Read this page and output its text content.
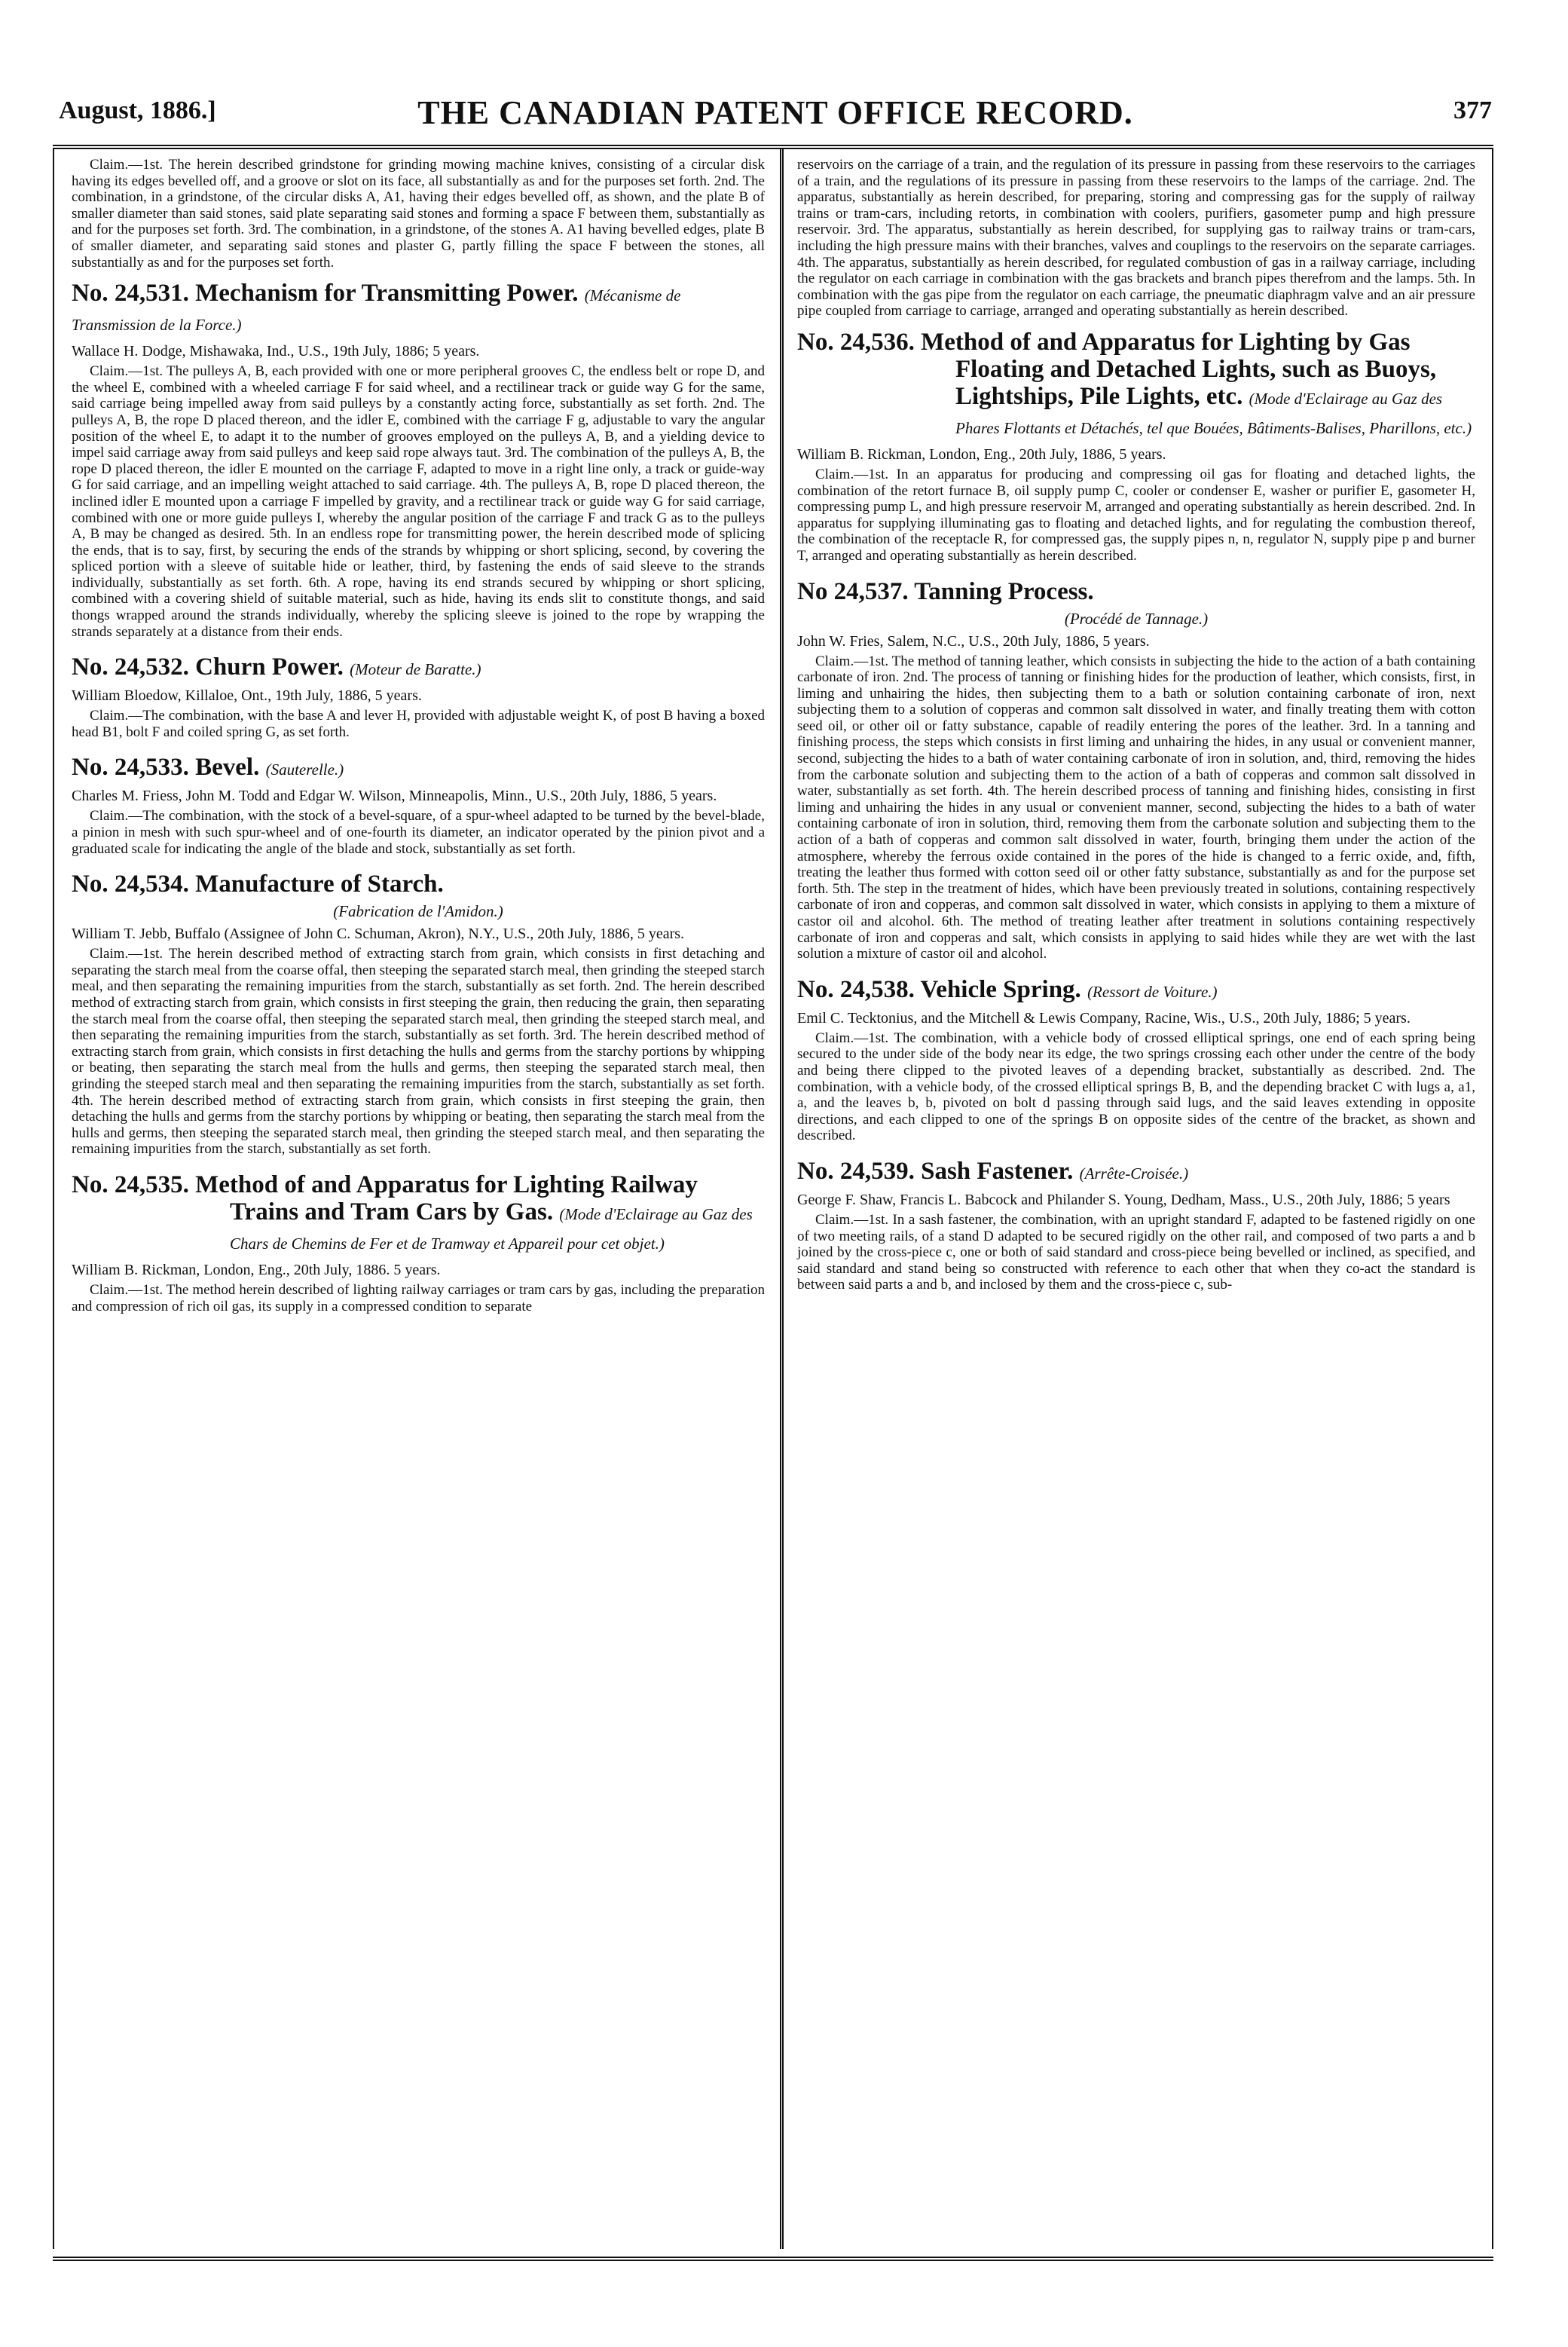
August, 1886.]	THE CANADIAN PATENT OFFICE RECORD.	377

Claim.—1st. The herein described grindstone for grinding mowing machine knives, consisting of a circular disk having its edges bevelled off, and a groove or slot on its face, all substantially as and for the purposes set forth. 2nd. The combination, in a grindstone, of the circular disks A, A1, having their edges bevelled off, as shown, and the plate B of smaller diameter than said stones, said plate separating said stones and forming a space F between them, substantially as and for the purposes set forth. 3rd. The combination, in a grindstone, of the stones A. A1 having bevelled edges, plate B of smaller diameter, and separating said stones and plaster G, partly filling the space F between the stones, all substantially as and for the purposes set forth.

No. 24,531. Mechanism for Transmitting Power. (Mécanisme de Transmission de la Force.)

Wallace H. Dodge, Mishawaka, Ind., U.S., 19th July, 1886; 5 years.

Claim.—1st. The pulleys A, B, each provided with one or more peripheral grooves C, the endless belt or rope D, and the wheel E, combined with a wheeled carriage F for said wheel, and a rectilinear track or guide way G for the same, said carriage being impelled away from said pulleys by a constantly acting force, substantially as set forth. 2nd. The pulleys A, B, the rope D placed thereon, and the idler E, combined with the carriage F g, adjustable to vary the angular position of the wheel E, to adapt it to the number of grooves employed on the pulleys A, B, and a yielding device to impel said carriage away from said pulleys and keep said rope always taut. 3rd. The combination of the pulleys A, B, the rope D placed thereon, the idler E mounted on the carriage F, adapted to move in a right line only, a track or guide-way G for said carriage, and an impelling weight attached to said carriage. 4th. The pulleys A, B, rope D placed thereon, the inclined idler E mounted upon a carriage F impelled by gravity, and a rectilinear track or guide way G for said carriage, combined with one or more guide pulleys I, whereby the angular position of the carriage F and track G as to the pulleys A, B may be changed as desired. 5th. In an endless rope for transmitting power, the herein described mode of splicing the ends, that is to say, first, by securing the ends of the strands by whipping or short splicing, second, by covering the spliced portion with a sleeve of suitable hide or leather, third, by fastening the ends of said sleeve to the strands individually, substantially as set forth. 6th. A rope, having its end strands secured by whipping or short splicing, combined with a covering shield of suitable material, such as hide, having its ends slit to constitute thongs, and said thongs wrapped around the strands individually, whereby the splicing sleeve is joined to the rope by wrapping the strands separately at a distance from their ends.

No. 24,532. Churn Power. (Moteur de Baratte.)

William Bloedow, Killaloe, Ont., 19th July, 1886, 5 years.

Claim.—The combination, with the base A and lever H, provided with adjustable weight K, of post B having a boxed head B1, bolt F and coiled spring G, as set forth.

No. 24,533. Bevel. (Sauterelle.)

Charles M. Friess, John M. Todd and Edgar W. Wilson, Minneapolis, Minn., U.S., 20th July, 1886, 5 years.

Claim.—The combination, with the stock of a bevel-square, of a spur-wheel adapted to be turned by the bevel-blade, a pinion in mesh with such spur-wheel and of one-fourth its diameter, an indicator operated by the pinion pivot and a graduated scale for indicating the angle of the blade and stock, substantially as set forth.

No. 24,534. Manufacture of Starch.

(Fabrication de l'Amidon.)

William T. Jebb, Buffalo (Assignee of John C. Schuman, Akron), N.Y., U.S., 20th July, 1886, 5 years.

Claim.—1st. The herein described method of extracting starch from grain, which consists in first detaching and separating the starch meal from the coarse offal, then steeping the separated starch meal, then grinding the steeped starch meal, and then separating the remaining impurities from the starch, substantially as set forth. 2nd. The herein described method of extracting starch from grain, which consists in first steeping the grain, then reducing the grain, then separating the starch meal from the coarse offal, then steeping the separated starch meal, then grinding the steeped starch meal, and then separating the remaining impurities from the starch, substantially as set forth. 3rd. The herein described method of extracting starch from grain, which consists in first detaching the hulls and germs from the starchy portions by whipping or beating, then separating the starch meal from the hulls and germs, then steeping the separated starch meal, then grinding the steeped starch meal and then separating the remaining impurities from the starch, substantially as set forth. 4th. The herein described method of extracting starch from grain, which consists in first steeping the grain, then detaching the hulls and germs from the starchy portions by whipping or beating, then separating the starch meal from the hulls and germs, then steeping the separated starch meal, then grinding the steeped starch meal, and then separating the remaining impurities from the starch, substantially as set forth.

No. 24,535. Method of and Apparatus for Lighting Railway Trains and Tram Cars by Gas. (Mode d'Eclairage au Gaz des Chars de Chemins de Fer et de Tramway et Appareil pour cet objet.)

William B. Rickman, London, Eng., 20th July, 1886. 5 years.

Claim.—1st. The method herein described of lighting railway carriages or tram cars by gas, including the preparation and compression of rich oil gas, its supply in a compressed condition to separate

reservoirs on the carriage of a train, and the regulation of its pressure in passing from these reservoirs to the carriages of a train, and the regulations of its pressure in passing from these reservoirs to the lamps of the carriage. 2nd. The apparatus, substantially as herein described, for preparing, storing and compressing gas for the supply of railway trains or tram-cars, including retorts, in combination with coolers, purifiers, gasometer pump and high pressure reservoir. 3rd. The apparatus, substantially as herein described, for supplying gas to railway trains or tram-cars, including the high pressure mains with their branches, valves and couplings to the reservoirs on the separate carriages. 4th. The apparatus, substantially as herein described, for regulated combustion of gas in a railway carriage, including the regulator on each carriage in combination with the gas brackets and branch pipes therefrom and the lamps. 5th. In combination with the gas pipe from the regulator on each carriage, the pneumatic diaphragm valve and an air pressure pipe coupled from carriage to carriage, arranged and operating substantially as herein described.

No. 24,536. Method of and Apparatus for Lighting by Gas Floating and Detached Lights, such as Buoys, Lightships, Pile Lights, etc. (Mode d'Eclairage au Gaz des Phares Flottants et Détachés, tel que Bouées, Bâtiments-Balises, Pharillons, etc.)

William B. Rickman, London, Eng., 20th July, 1886, 5 years.

Claim.—1st. In an apparatus for producing and compressing oil gas for floating and detached lights, the combination of the retort furnace B, oil supply pump C, cooler or condenser E, washer or purifier E, gasometer H, compressing pump L, and high pressure reservoir M, arranged and operating substantially as herein described. 2nd. In apparatus for supplying illuminating gas to floating and detached lights, and for regulating the combustion thereof, the combination of the receptacle R, for compressed gas, the supply pipes n, n, regulator N, supply pipe p and burner T, arranged and operating substantially as herein described.

No 24,537. Tanning Process.

(Procédé de Tannage.)

John W. Fries, Salem, N.C., U.S., 20th July, 1886, 5 years.

Claim.—1st. The method of tanning leather, which consists in subjecting the hide to the action of a bath containing carbonate of iron. 2nd. The process of tanning or finishing hides for the production of leather, which consists, first, in liming and unhairing the hides, then subjecting them to a bath or solution containing carbonate of iron, next subjecting them to a solution of copperas and common salt dissolved in water, and finally treating them with cotton seed oil, or other oil or fatty substance, capable of readily entering the pores of the leather. 3rd. In a tanning and finishing process, the steps which consists in first liming and unhairing the hides, in any usual or convenient manner, second, subjecting the hides to a bath of water containing carbonate of iron in solution, and, third, removing the hides from the carbonate solution and subjecting them to the action of a bath of copperas and common salt dissolved in water, substantially as set forth. 4th. The herein described process of tanning and finishing hides, consisting in first liming and unhairing the hides in any usual or convenient manner, second, subjecting the hides to a bath of water containing carbonate of iron in solution, third, removing them from the carbonate solution and subjecting them to the action of a bath of copperas and common salt dissolved in water, fourth, bringing them under the action of the atmosphere, whereby the ferrous oxide contained in the pores of the hide is changed to a ferric oxide, and, fifth, treating the leather thus formed with cotton seed oil or other fatty substance, substantially as and for the purpose set forth. 5th. The step in the treatment of hides, which have been previously treated in solutions, containing respectively carbonate of iron and copperas, and common salt dissolved in water, which consists in applying to them a mixture of castor oil and alcohol. 6th. The method of treating leather after treatment in solutions containing respectively carbonate of iron and copperas and salt, which consists in applying to said hides while they are wet with the last solution a mixture of castor oil and alcohol.

No. 24,538. Vehicle Spring. (Ressort de Voiture.)

Emil C. Tecktonius, and the Mitchell & Lewis Company, Racine, Wis., U.S., 20th July, 1886; 5 years.

Claim.—1st. The combination, with a vehicle body of crossed elliptical springs, one end of each spring being secured to the under side of the body near its edge, the two springs crossing each other under the centre of the body and being there clipped to the pivoted leaves of a depending bracket, substantially as described. 2nd. The combination, with a vehicle body, of the crossed elliptical springs B, B, and the depending bracket C with lugs a, a1, a, and the leaves b, b, pivoted on bolt d passing through said lugs, and the said leaves extending in opposite directions, and each clipped to one of the springs B on opposite sides of the centre of the bracket, as shown and described.

No. 24,539. Sash Fastener. (Arrête-Croisée.)

George F. Shaw, Francis L. Babcock and Philander S. Young, Dedham, Mass., U.S., 20th July, 1886; 5 years

Claim.—1st. In a sash fastener, the combination, with an upright standard F, adapted to be fastened rigidly on one of two meeting rails, of a stand D adapted to be secured rigidly on the other rail, and composed of two parts a and b joined by the cross-piece c, one or both of said standard and cross-piece being bevelled or inclined, as specified, and said standard and stand being so constructed with reference to each other that when they co-act the standard is between said parts a and b, and inclosed by them and the cross-piece c, sub-
